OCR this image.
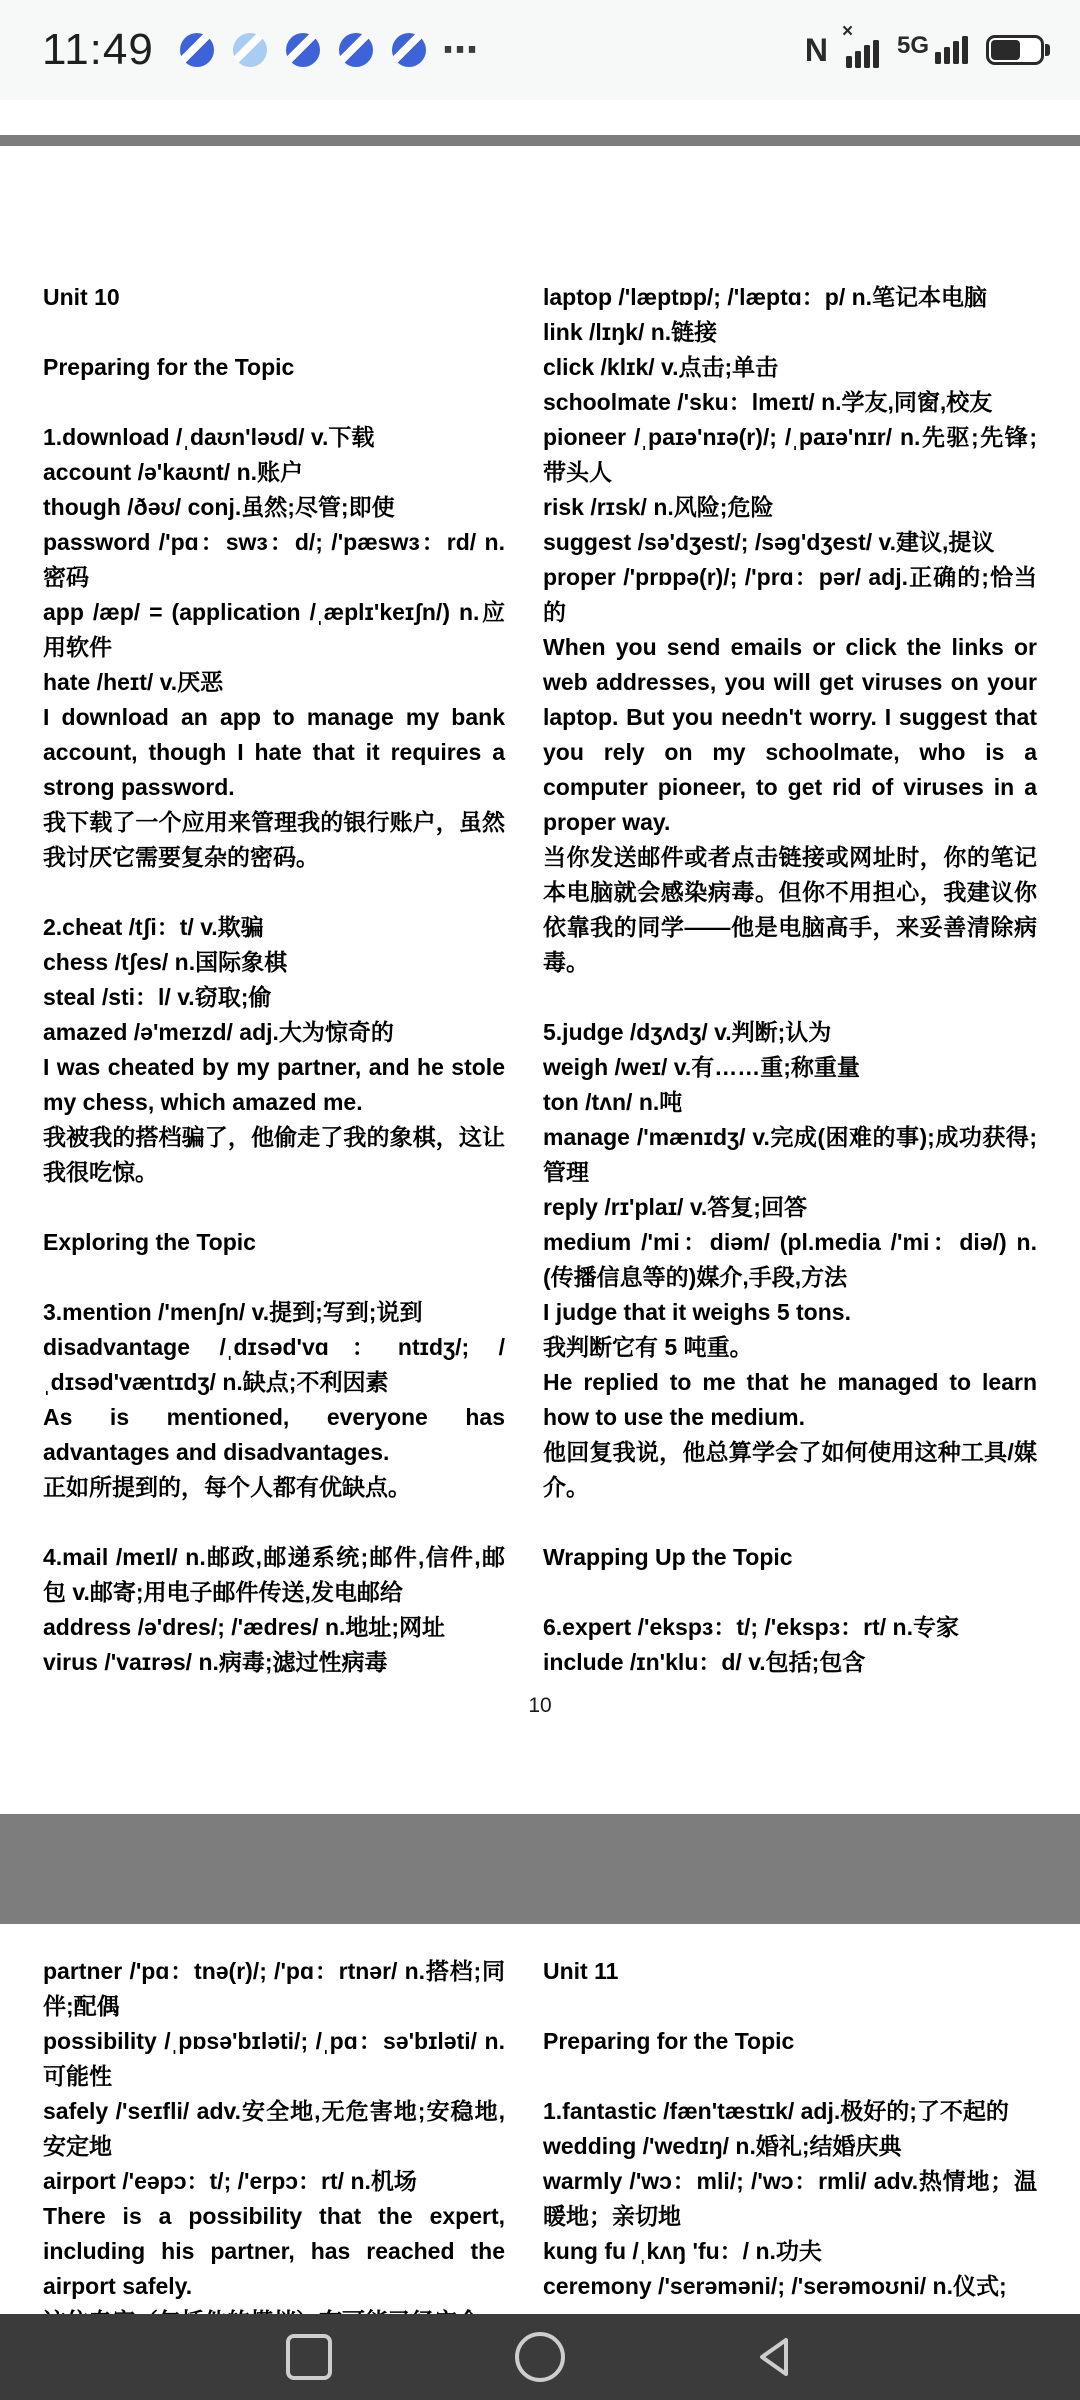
11:49	⋯	N ×
5G

Unit 10

Preparing for the Topic

1.download /ˌdaʊn'ləʊd/ v.下载

account /ə'kaʊnt/ n.账户

though /ðəʊ/ conj.虽然;尽管;即使

password /'pɑ：swɜ：d/; /'pæswɜ：rd/ n.密码

app /æp/ = (application /ˌæplɪ'keɪʃn/) n.应用软件

hate /heɪt/ v.厌恶

I download an app to manage my bank account, though I hate that it requires a strong password.

我下载了一个应用来管理我的银行账户，虽然我讨厌它需要复杂的密码。

2.cheat /tʃi：t/ v.欺骗

chess /tʃes/ n.国际象棋

steal /sti：l/ v.窃取;偷

amazed /ə'meɪzd/ adj.大为惊奇的

I was cheated by my partner, and he stole my chess, which amazed me.

我被我的搭档骗了，他偷走了我的象棋，这让我很吃惊。

Exploring the Topic

3.mention /'menʃn/ v.提到;写到;说到

disadvantage /ˌdɪsəd'vɑ：ntɪdʒ/; /ˌdɪsəd'væntɪdʒ/ n.缺点;不利因素

As is mentioned, everyone has advantages and disadvantages.

正如所提到的，每个人都有优缺点。

4.mail /meɪl/ n.邮政,邮递系统;邮件,信件,邮包 v.邮寄;用电子邮件传送,发电邮给

address /ə'dres/; /'ædres/ n.地址;网址

virus /'vaɪrəs/ n.病毒;滤过性病毒

laptop /'læptɒp/; /'læptɑ：p/ n.笔记本电脑

link /lɪŋk/ n.链接

click /klɪk/ v.点击;单击

schoolmate /'sku：lmeɪt/ n.学友,同窗,校友

pioneer /ˌpaɪə'nɪə(r)/; /ˌpaɪə'nɪr/ n.先驱;先锋;带头人

risk /rɪsk/ n.风险;危险

suggest /sə'dʒest/; /səg'dʒest/ v.建议,提议

proper /'prɒpə(r)/; /'prɑ：pər/ adj.正确的;恰当的

When you send emails or click the links or web addresses, you will get viruses on your laptop. But you needn't worry. I suggest that you rely on my schoolmate, who is a computer pioneer, to get rid of viruses in a proper way.

当你发送邮件或者点击链接或网址时，你的笔记本电脑就会感染病毒。但你不用担心，我建议你依靠我的同学——他是电脑高手，来妥善清除病毒。

5.judge /dʒʌdʒ/ v.判断;认为

weigh /weɪ/ v.有……重;称重量

ton /tʌn/ n.吨

manage /'mænɪdʒ/ v.完成(困难的事);成功获得;管理

reply /rɪ'plaɪ/ v.答复;回答

medium /'mi：diəm/ (pl.media /'mi：diə/) n.(传播信息等的)媒介,手段,方法

I judge that it weighs 5 tons.

我判断它有 5 吨重。

He replied to me that he managed to learn how to use the medium.

他回复我说，他总算学会了如何使用这种工具/媒介。

Wrapping Up the Topic

6.expert /'ekspɜ：t/; /'ekspɜ：rt/ n.专家

include /ɪn'klu：d/ v.包括;包含

10

partner /'pɑ：tnə(r)/; /'pɑ：rtnər/ n.搭档;同伴;配偶

possibility /ˌpɒsə'bɪləti/; /ˌpɑ：sə'bɪləti/ n.可能性

safely /'seɪfli/ adv.安全地,无危害地;安稳地,安定地

airport /'eəpɔ：t/; /'erpɔ：rt/ n.机场

There is a possibility that the expert, including his partner, has reached the airport safely.

Unit 11

Preparing for the Topic

1.fantastic /fæn'tæstɪk/ adj.极好的;了不起的

wedding /'wedɪŋ/ n.婚礼;结婚庆典

warmly /'wɔ：mli/; /'wɔ：rmli/ adv.热情地；温暖地；亲切地

kung fu /ˌkʌŋ 'fu：/ n.功夫

ceremony /'serəməni/; /'serəmoʊni/ n.仪式;
